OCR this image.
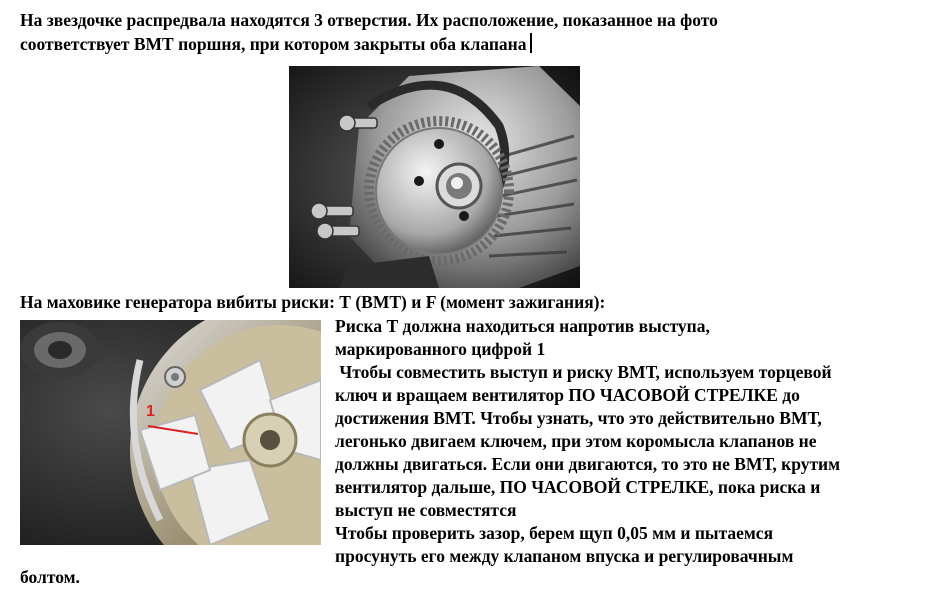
На звездочке распредвала находятся 3 отверстия. Их расположение, показанное на фото
соответствует ВМТ поршня, при котором закрыты оба клапана
На маховике генератора вибиты риски: Т (ВМТ) и F (момент зажигания):
1
Риска Т должна находиться напротив выступа,
маркированного цифрой 1
Чтобы совместить выступ и риску ВМТ, используем торцевой
ключ и вращаем вентилятор ПО ЧАСОВОЙ СТРЕЛКЕ до
достижения ВМТ. Чтобы узнать, что это действительно ВМТ,
легонько двигаем ключем, при этом коромысла клапанов не
должны двигаться. Если они двигаются, то это не ВМТ, крутим
вентилятор дальше, ПО ЧАСОВОЙ СТРЕЛКЕ, пока риска и
выступ не совместятся
Чтобы проверить зазор, берем щуп 0,05 мм и пытаемся
просунуть его между клапаном впуска и регулировачным
болтом.
